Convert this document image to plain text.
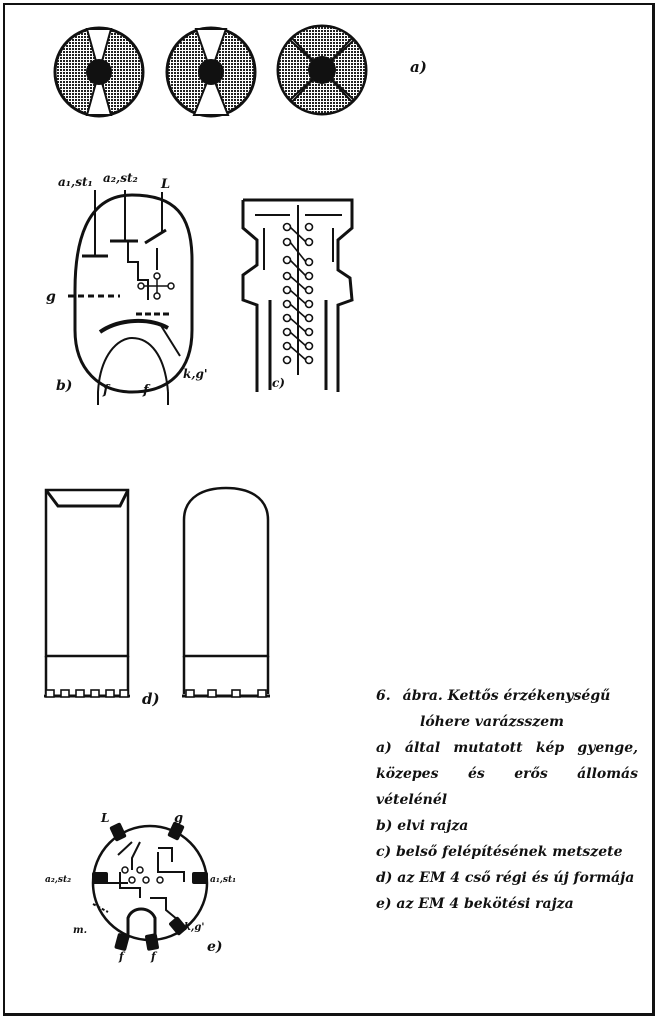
a)
a₁,st₁ a₂,st₂ L
g
k,g'
f	f
b)	c)
d)
L	g
a₂,st₂	a₁,st₁
m.
f f
k,g'
e)

6. ábra. Kettős érzékenységű

lóhere varázsszem

a) által mutatott kép gyenge, közepes és erős állomás vételénél

b) elvi rajza

c) belső felépítésének metszete

d) az EM 4 cső régi és új formája

e) az EM 4 bekötési rajza
